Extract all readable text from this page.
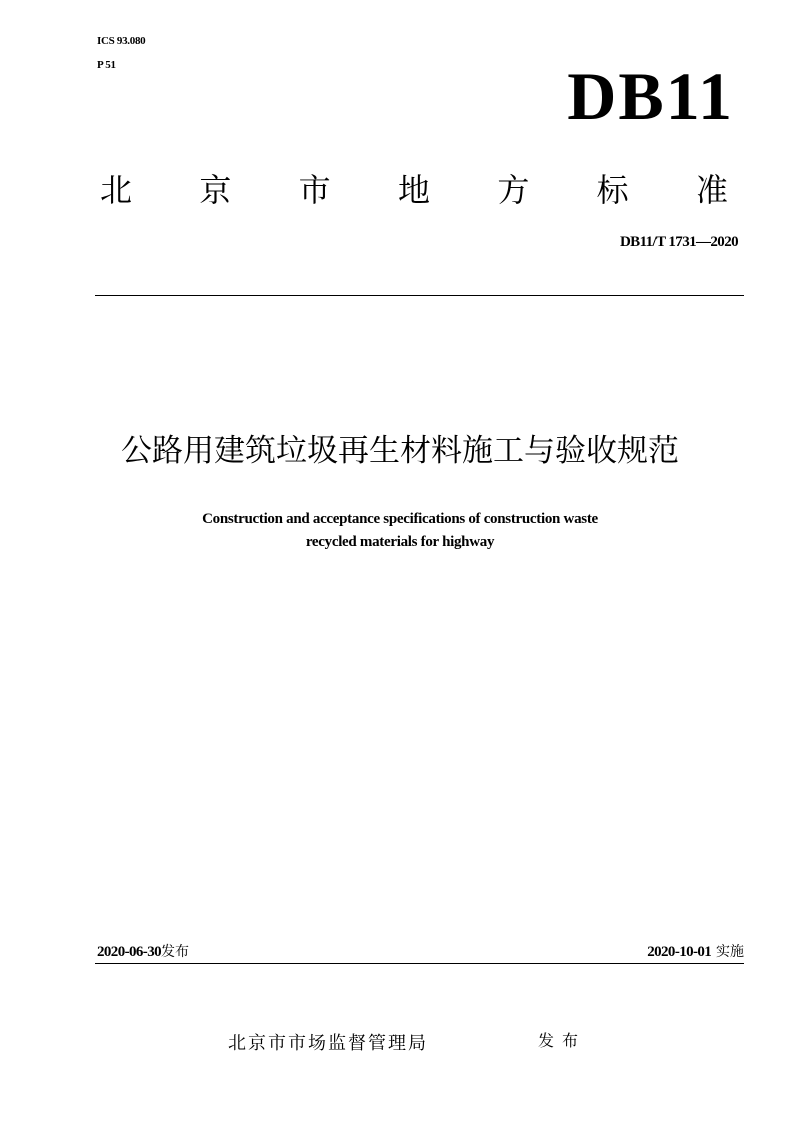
ICS 93.080
P 51	DB11
北 京 市 地 方 标 准
DB11/T 1731—2020
公路用建筑垃圾再生材料施工与验收规范
Construction and acceptance specifications of construction waste
recycled materials for highway
2020-06-30发布	2020-10-01 实施
北京市市场监督管理局	发布
